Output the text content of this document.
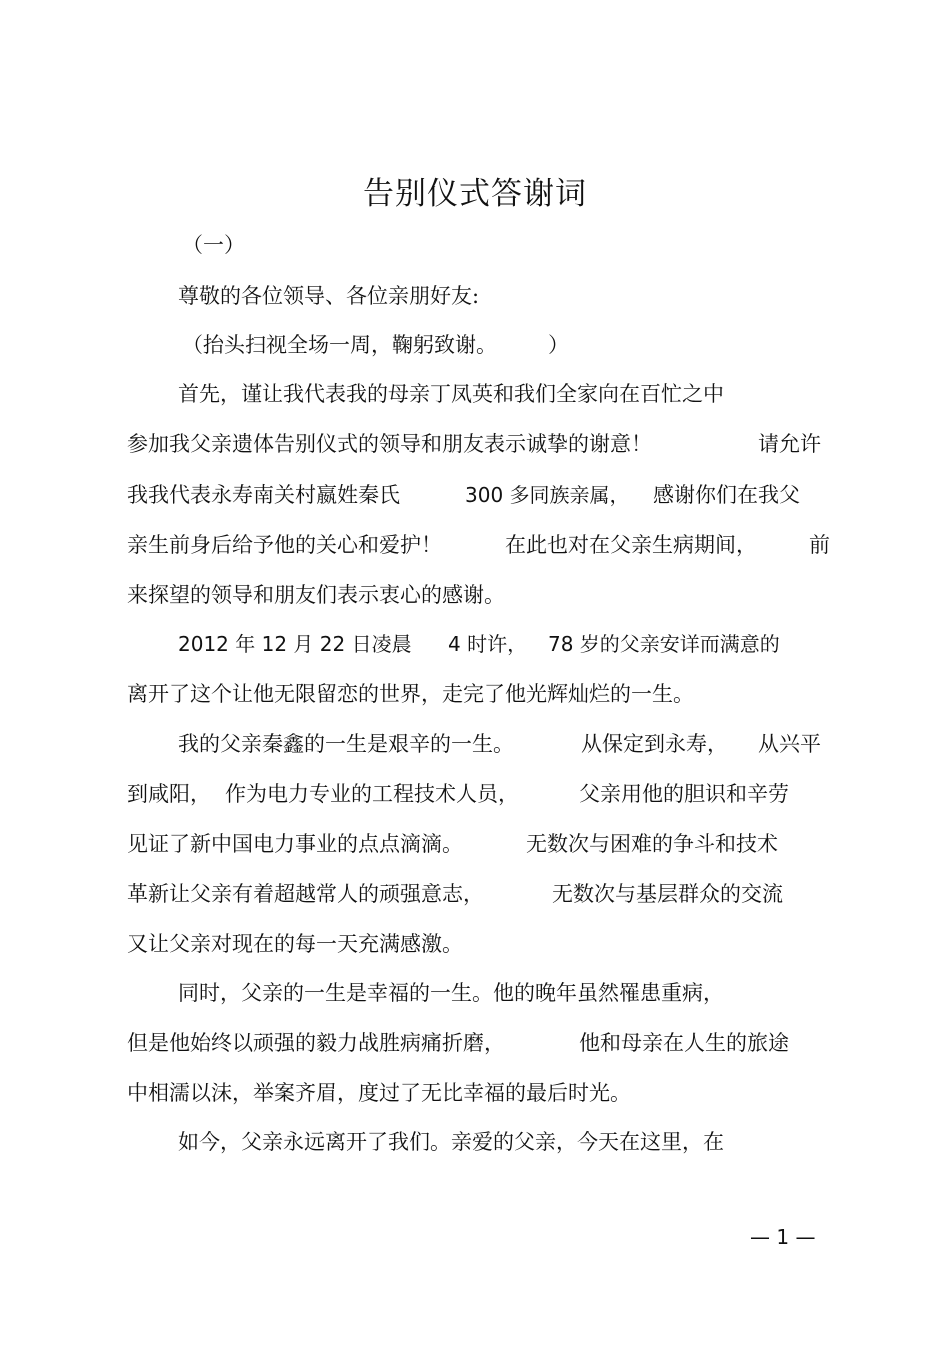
告别仪式答谢词
（一）
尊敬的各位领导、各位亲朋好友:
（抬头扫视全场一周，鞠躬致谢。 ）
首先，谨让我代表我的母亲丁凤英和我们全家向在百忙之中
参加我父亲遗体告别仪式的领导和朋友表示诚挚的谢意！	请允许
我我代表永寿南关村嬴姓秦氏	300 多同族亲属， 感谢你们在我父
亲生前身后给予他的关心和爱护！	在此也对在父亲生病期间， 前
来探望的领导和朋友们表示衷心的感谢。
2012 年 12 月 22 日凌晨 4 时许， 78 岁的父亲安详而满意的
离开了这个让他无限留恋的世界，走完了他光辉灿烂的一生。
我的父亲秦鑫的一生是艰辛的一生。	从保定到永寿， 从兴平
到咸阳， 作为电力专业的工程技术人员，	父亲用他的胆识和辛劳
见证了新中国电力事业的点点滴滴。	无数次与困难的争斗和技术
革新让父亲有着超越常人的顽强意志，	无数次与基层群众的交流
又让父亲对现在的每一天充满感激。
同时，父亲的一生是幸福的一生。他的晚年虽然罹患重病，
但是他始终以顽强的毅力战胜病痛折磨，	他和母亲在人生的旅途
中相濡以沫，举案齐眉，度过了无比幸福的最后时光。
如今，父亲永远离开了我们。亲爱的父亲，今天在这里，在
— 1 —
